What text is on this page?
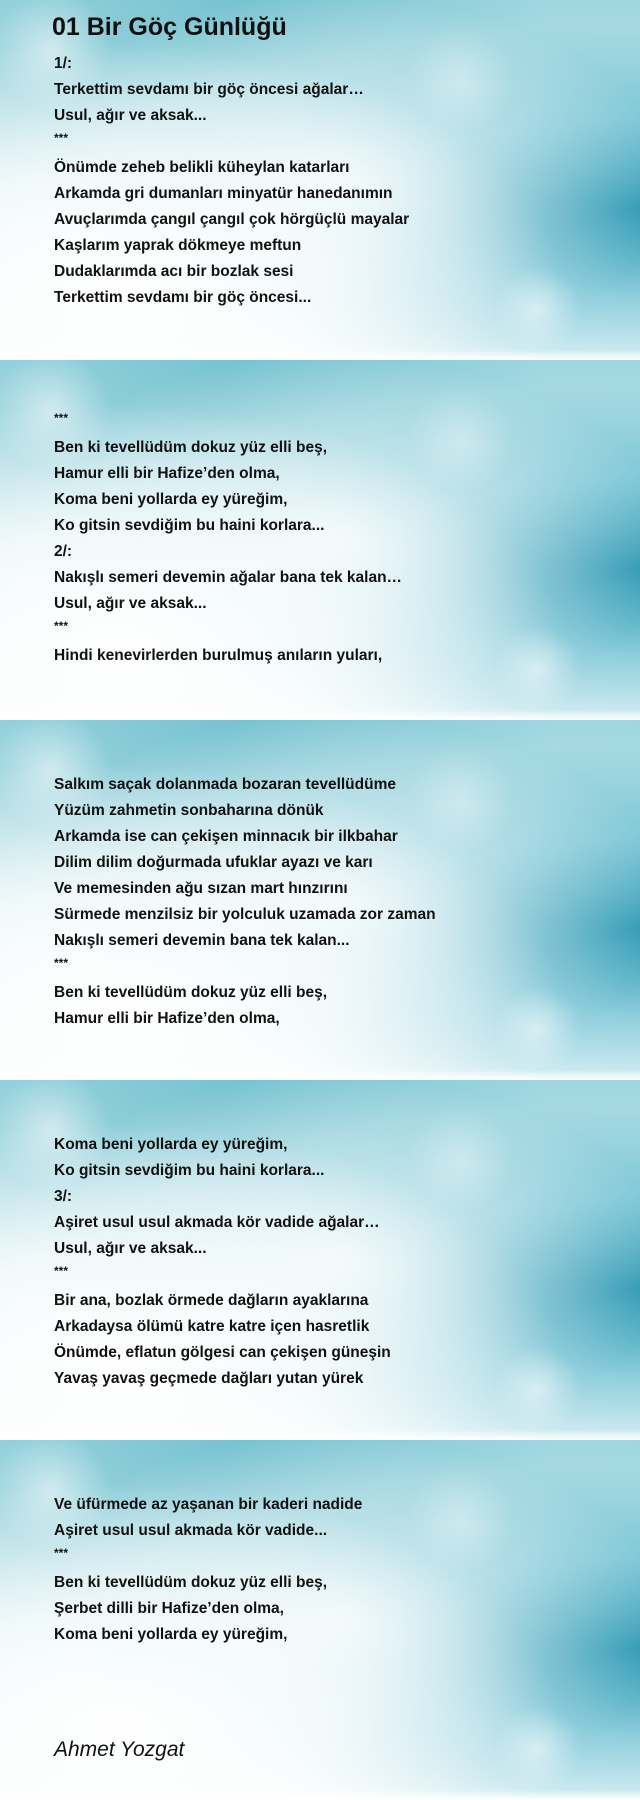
01 Bir Göç Günlüğü
1/:
Terkettim sevdamı bir göç öncesi ağalar…
Usul, ağır ve aksak...
***
Önümde zeheb belikli küheylan katarları
Arkamda gri dumanları minyatür hanedanımın
Avuçlarımda çangıl çangıl çok hörgüçlü mayalar
Kaşlarım yaprak dökmeye meftun
Dudaklarımda acı bir bozlak sesi
Terkettim sevdamı bir göç öncesi...
***
Ben ki tevellüdüm dokuz yüz elli beş,
Hamur elli bir Hafize’den olma,
Koma beni yollarda ey yüreğim,
Ko gitsin sevdiğim bu haini korlara...
2/:
Nakışlı semeri devemin ağalar bana tek kalan…
Usul, ağır ve aksak...
***
Hindi kenevirlerden burulmuş anıların yuları,
Salkım saçak dolanmada bozaran tevellüdüme
Yüzüm zahmetin sonbaharına dönük
Arkamda ise can çekişen minnacık bir ilkbahar
Dilim dilim doğurmada ufuklar ayazı ve karı
Ve memesinden ağu sızan mart hınzırını
Sürmede menzilsiz bir yolculuk uzamada zor zaman
Nakışlı semeri devemin bana tek kalan...
***
Ben ki tevellüdüm dokuz yüz elli beş,
Hamur elli bir Hafize’den olma,
Koma beni yollarda ey yüreğim,
Ko gitsin sevdiğim bu haini korlara...
3/:
Aşiret usul usul akmada kör vadide ağalar…
Usul, ağır ve aksak...
***
Bir ana, bozlak örmede dağların ayaklarına
Arkadaysa ölümü katre katre içen hasretlik
Önümde, eflatun gölgesi can çekişen güneşin
Yavaş yavaş geçmede dağları yutan yürek
Ve üfürmede az yaşanan bir kaderi nadide
Aşiret usul usul akmada kör vadide...
***
Ben ki tevellüdüm dokuz yüz elli beş,
Şerbet dilli bir Hafize’den olma,
Koma beni yollarda ey yüreğim,
Ahmet Yozgat
